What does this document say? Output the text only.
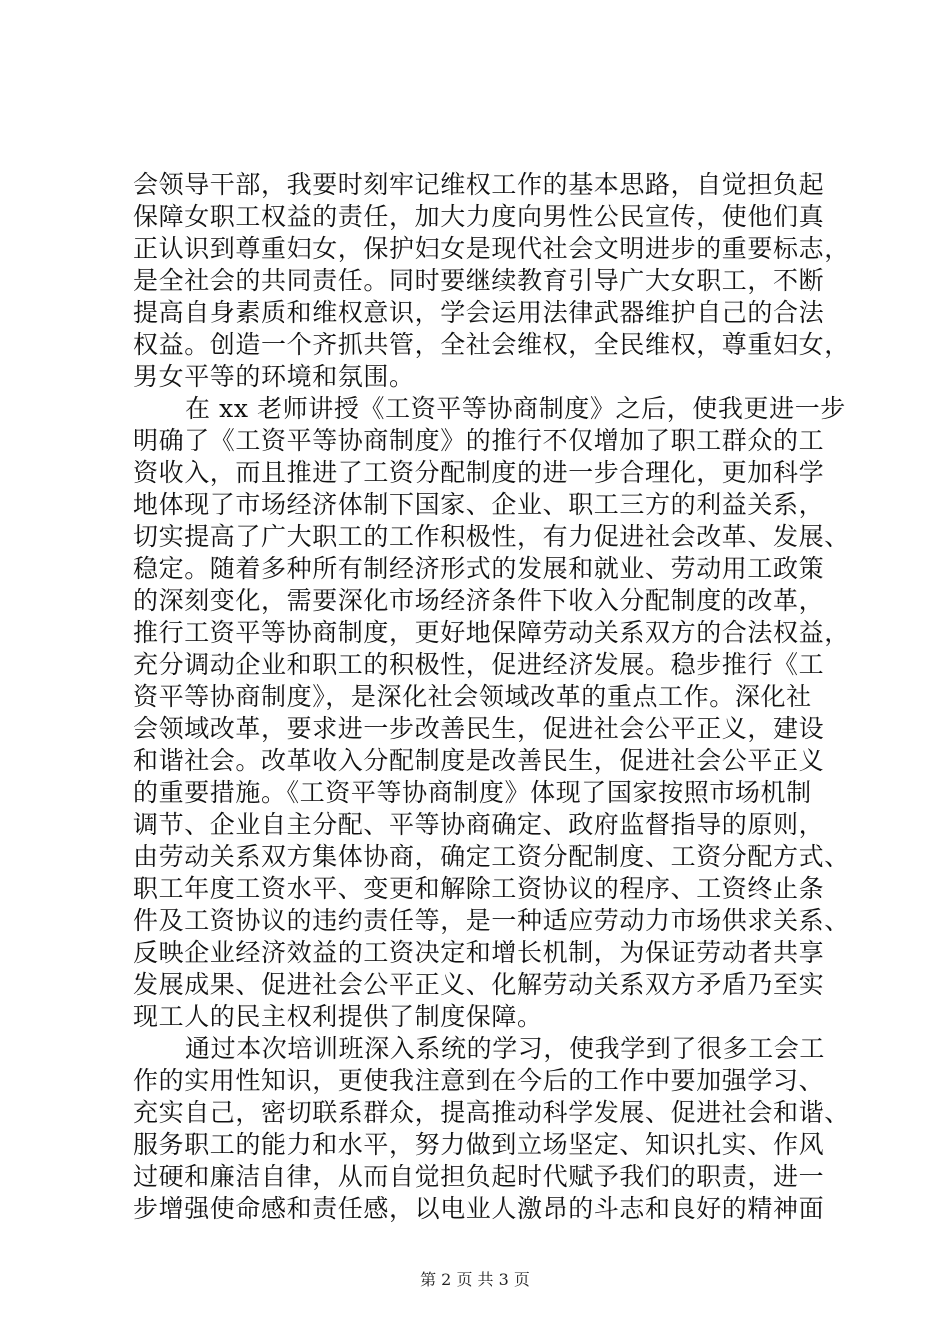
会领导干部，我要时刻牢记维权工作的基本思路，自觉担负起
保障女职工权益的责任，加大力度向男性公民宣传，使他们真
正认识到尊重妇女，保护妇女是现代社会文明进步的重要标志，
是全社会的共同责任。同时要继续教育引导广大女职工，不断
提高自身素质和维权意识，学会运用法律武器维护自己的合法
权益。创造一个齐抓共管，全社会维权，全民维权，尊重妇女，
男女平等的环境和氛围。
在 xx 老师讲授《工资平等协商制度》之后，使我更进一步
明确了《工资平等协商制度》的推行不仅增加了职工群众的工
资收入，而且推进了工资分配制度的进一步合理化，更加科学
地体现了市场经济体制下国家、企业、职工三方的利益关系，
切实提高了广大职工的工作积极性，有力促进社会改革、发展、
稳定。随着多种所有制经济形式的发展和就业、劳动用工政策
的深刻变化，需要深化市场经济条件下收入分配制度的改革，
推行工资平等协商制度，更好地保障劳动关系双方的合法权益，
充分调动企业和职工的积极性，促进经济发展。稳步推行《工
资平等协商制度》，是深化社会领域改革的重点工作。深化社
会领域改革，要求进一步改善民生，促进社会公平正义，建设
和谐社会。改革收入分配制度是改善民生，促进社会公平正义
的重要措施。《工资平等协商制度》体现了国家按照市场机制
调节、企业自主分配、平等协商确定、政府监督指导的原则，
由劳动关系双方集体协商，确定工资分配制度、工资分配方式、
职工年度工资水平、变更和解除工资协议的程序、工资终止条
件及工资协议的违约责任等，是一种适应劳动力市场供求关系、
反映企业经济效益的工资决定和增长机制，为保证劳动者共享
发展成果、促进社会公平正义、化解劳动关系双方矛盾乃至实
现工人的民主权利提供了制度保障。
通过本次培训班深入系统的学习，使我学到了很多工会工
作的实用性知识，更使我注意到在今后的工作中要加强学习、
充实自己，密切联系群众，提高推动科学发展、促进社会和谐、
服务职工的能力和水平，努力做到立场坚定、知识扎实、作风
过硬和廉洁自律，从而自觉担负起时代赋予我们的职责，进一
步增强使命感和责任感，以电业人激昂的斗志和良好的精神面
第 2 页 共 3 页
